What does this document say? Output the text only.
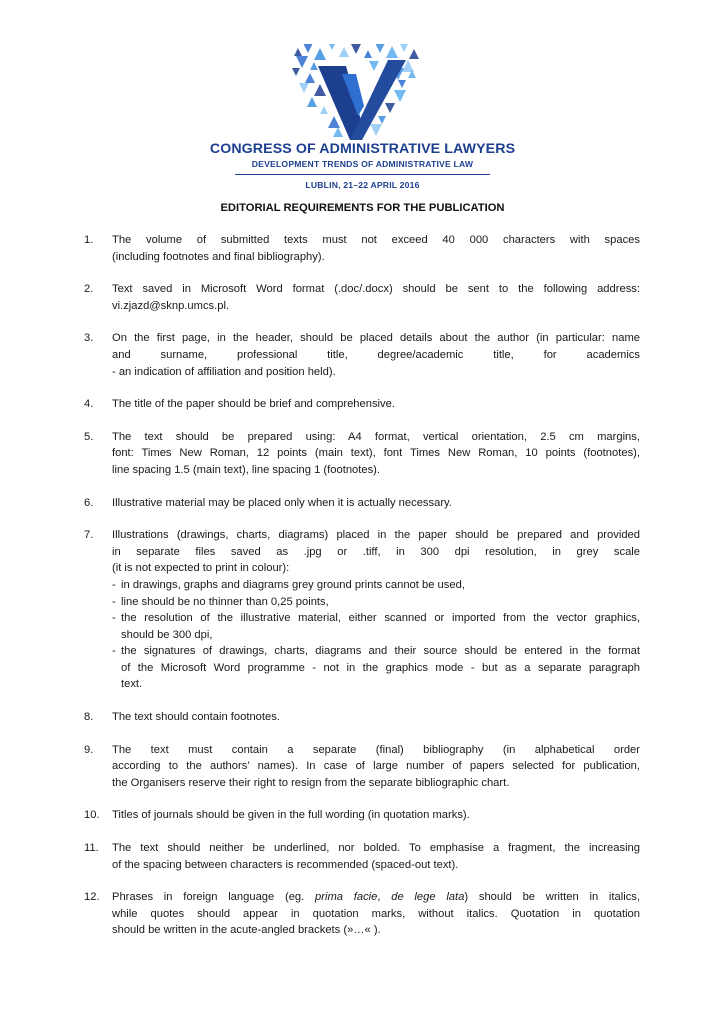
CONGRESS OF ADMINISTRATIVE LAWYERS
DEVELOPMENT TRENDS OF ADMINISTRATIVE LAW
LUBLIN, 21–22 APRIL 2016
EDITORIAL REQUIREMENTS FOR THE PUBLICATION
1. The volume of submitted texts must not exceed 40 000 characters with spaces
(including footnotes and final bibliography).
2. Text saved in Microsoft Word format (.doc/.docx) should be sent to the following address:
vi.zjazd@sknp.umcs.pl.
3. On the first page, in the header, should be placed details about the author (in particular: name
and surname, professional title, degree/academic title, for academics
- an indication of affiliation and position held).
4. The title of the paper should be brief and comprehensive.
5. The text should be prepared using: A4 format, vertical orientation, 2.5 cm margins,
font: Times New Roman, 12 points (main text), font Times New Roman, 10 points (footnotes),
line spacing 1.5 (main text), line spacing 1 (footnotes).
6. Illustrative material may be placed only when it is actually necessary.
7. Illustrations (drawings, charts, diagrams) placed in the paper should be prepared and provided
in separate files saved as .jpg or .tiff, in 300 dpi resolution, in grey scale
(it is not expected to print in colour):
- in drawings, graphs and diagrams grey ground prints cannot be used,
- line should be no thinner than 0,25 points,
- the resolution of the illustrative material, either scanned or imported from the vector graphics,
should be 300 dpi,
- the signatures of drawings, charts, diagrams and their source should be entered in the format
of the Microsoft Word programme - not in the graphics mode - but as a separate paragraph
text.
8. The text should contain footnotes.
9. The text must contain a separate (final) bibliography (in alphabetical order
according to the authors’ names). In case of large number of papers selected for publication,
the Organisers reserve their right to resign from the separate bibliographic chart.
10. Titles of journals should be given in the full wording (in quotation marks).
11. The text should neither be underlined, nor bolded. To emphasise a fragment, the increasing
of the spacing between characters is recommended (spaced-out text).
12. Phrases in foreign language (eg. prima facie, de lege lata) should be written in italics,
while quotes should appear in quotation marks, without italics. Quotation in quotation
should be written in the acute-angled brackets (»…« ).
